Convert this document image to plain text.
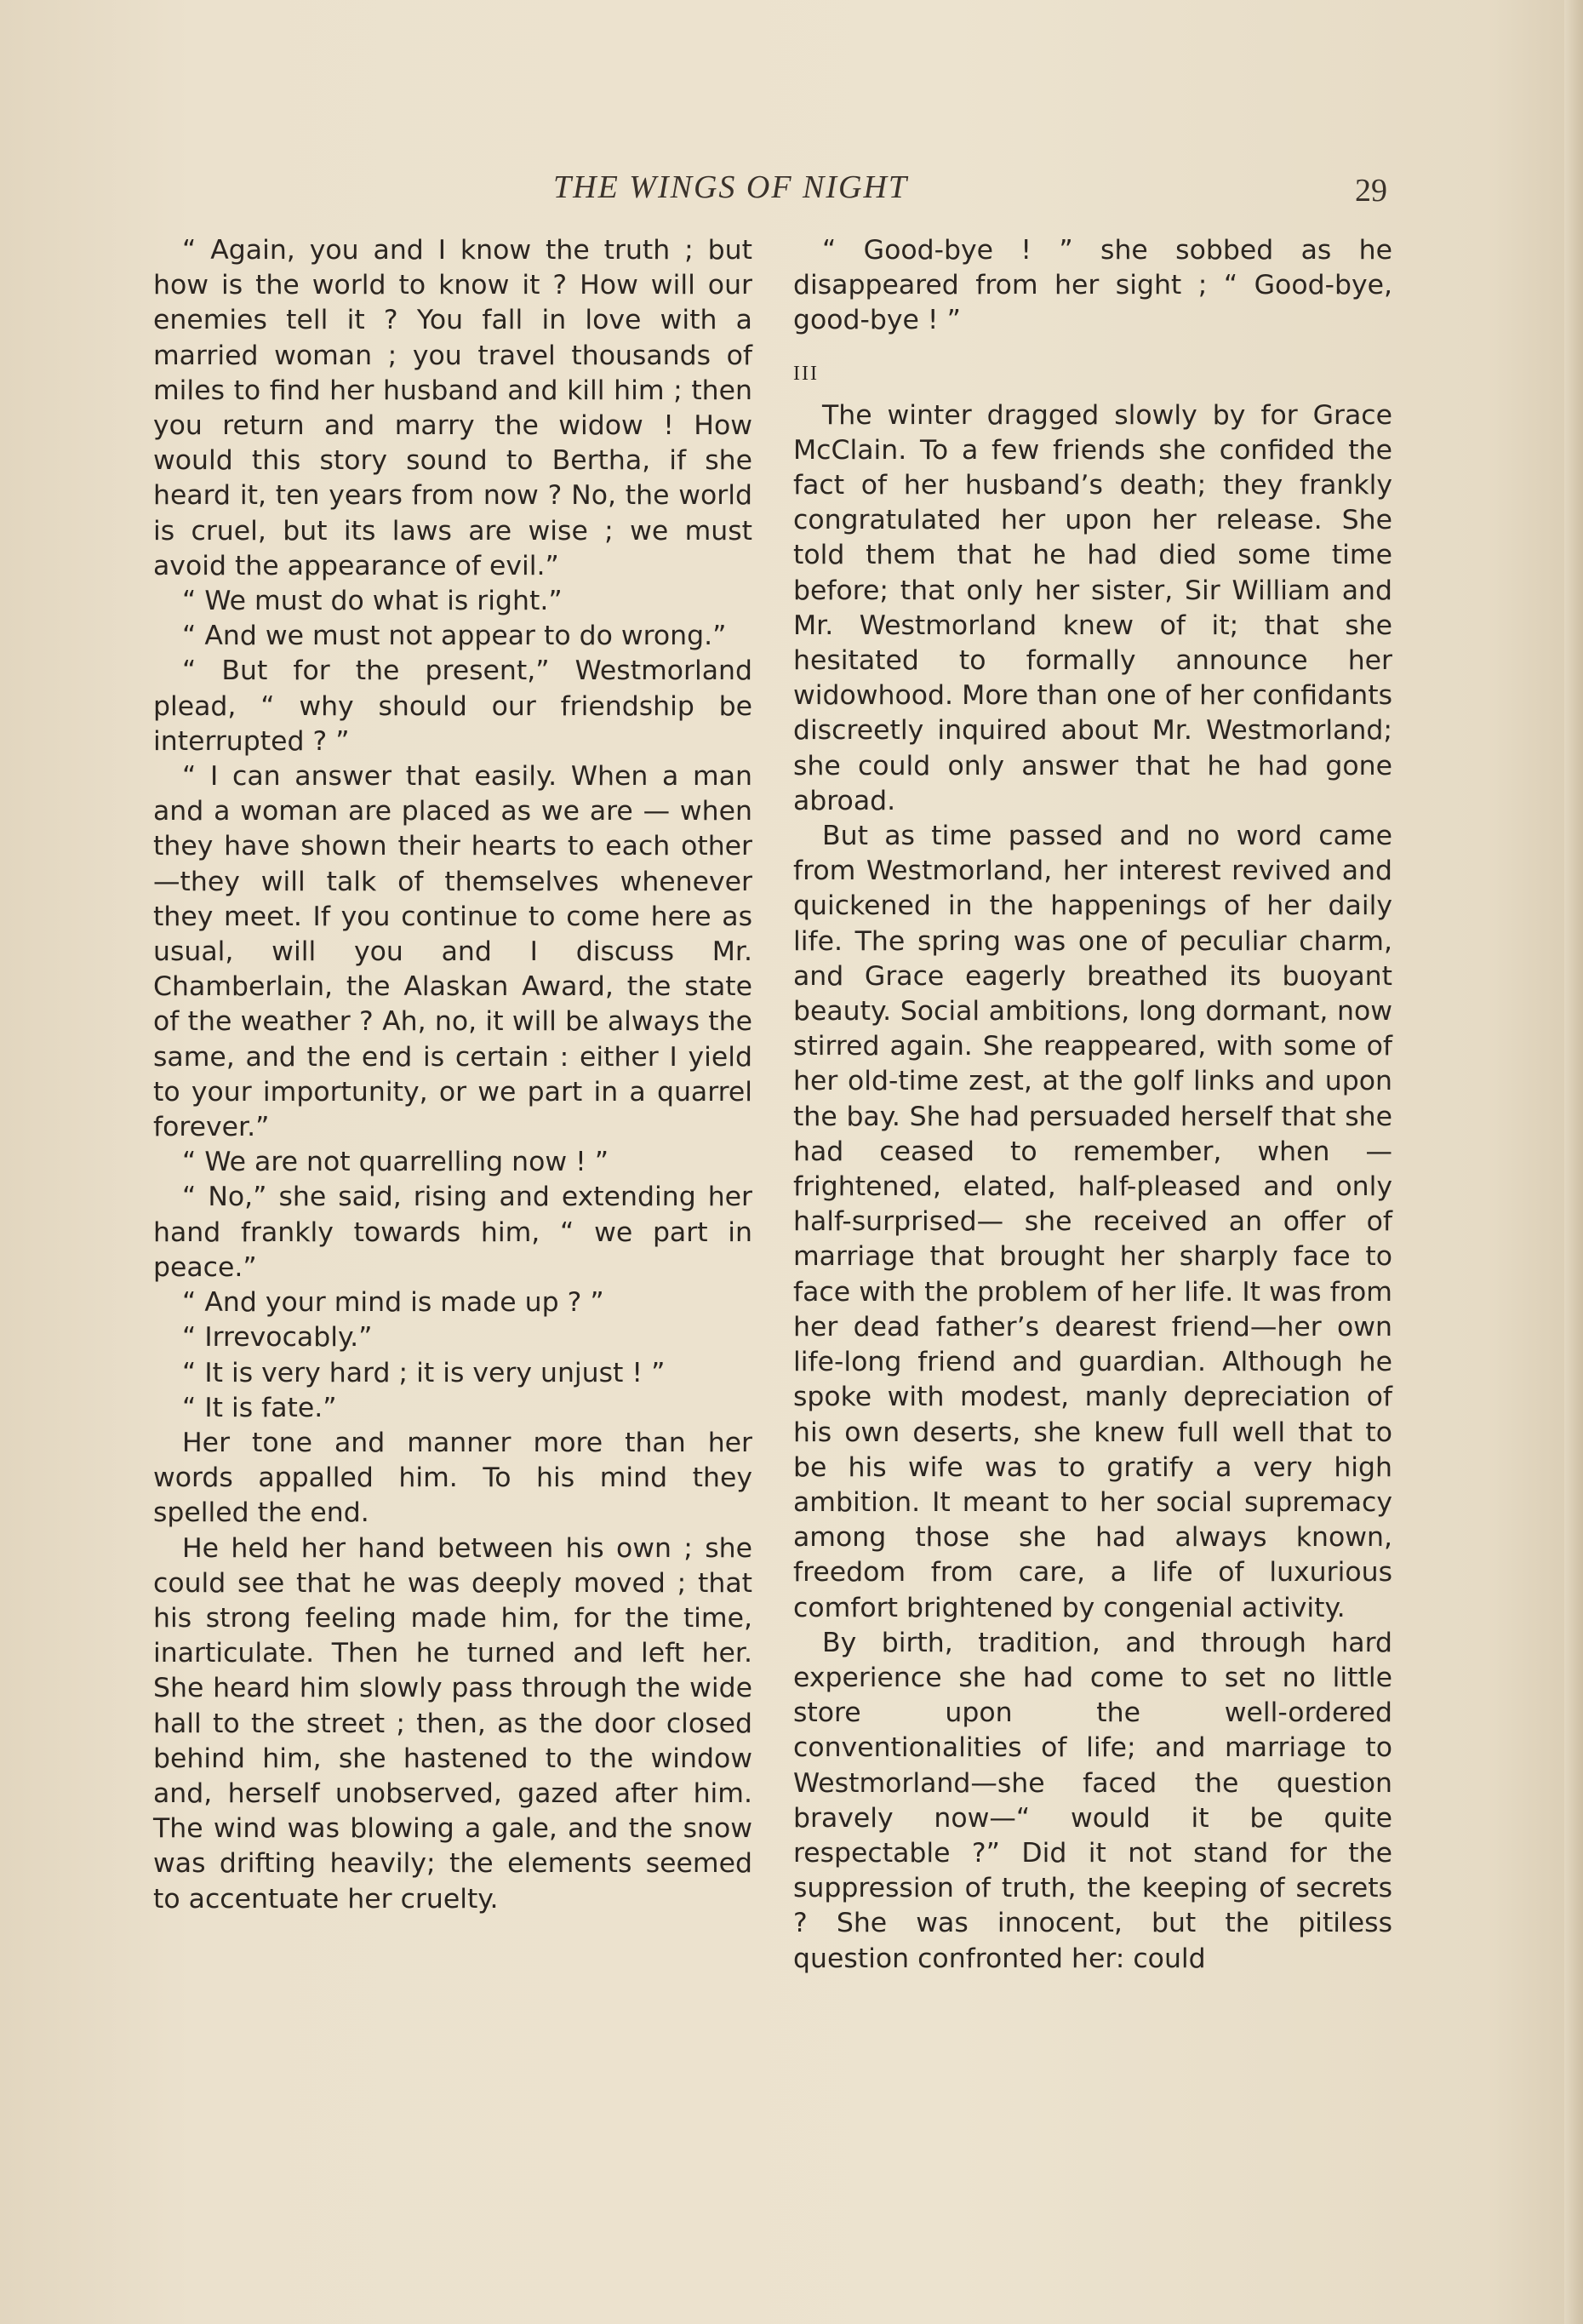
THE WINGS OF NIGHT	29

“ Again, you and I know the truth ; but how is the world to know it ? How will our enemies tell it ? You fall in love with a married woman ; you travel thousands of miles to find her husband and kill him ; then you return and marry the widow ! How would this story sound to Bertha, if she heard it, ten years from now ? No, the world is cruel, but its laws are wise ; we must avoid the appearance of evil.”

“ We must do what is right.”

“ And we must not appear to do wrong.”

“ But for the present,” Westmorland plead, “ why should our friendship be interrupted ? ”

“ I can answer that easily. When a man and a woman are placed as we are — when they have shown their hearts to each other—they will talk of themselves whenever they meet. If you continue to come here as usual, will you and I discuss Mr. Chamberlain, the Alaskan Award, the state of the weather ? Ah, no, it will be always the same, and the end is certain : either I yield to your importunity, or we part in a quarrel forever.”

“ We are not quarrelling now ! ”

“ No,” she said, rising and extending her hand frankly towards him, “ we part in peace.”

“ And your mind is made up ? ”

“ Irrevocably.”

“ It is very hard ; it is very unjust ! ”

“ It is fate.”

Her tone and manner more than her words appalled him. To his mind they spelled the end.

He held her hand between his own ; she could see that he was deeply moved ; that his strong feeling made him, for the time, inarticulate. Then he turned and left her. She heard him slowly pass through the wide hall to the street ; then, as the door closed behind him, she hastened to the window and, herself unobserved, gazed after him. The wind was blowing a gale, and the snow was drifting heavily; the elements seemed to accentuate her cruelty.

“ Good-bye ! ” she sobbed as he disappeared from her sight ; “ Good-bye, good-bye ! ”

III

The winter dragged slowly by for Grace McClain. To a few friends she confided the fact of her husband’s death; they frankly congratulated her upon her release. She told them that he had died some time before; that only her sister, Sir William and Mr. Westmorland knew of it; that she hesitated to formally announce her widowhood. More than one of her confidants discreetly inquired about Mr. Westmorland; she could only answer that he had gone abroad.

But as time passed and no word came from Westmorland, her interest revived and quickened in the happenings of her daily life. The spring was one of peculiar charm, and Grace eagerly breathed its buoyant beauty. Social ambitions, long dormant, now stirred again. She reappeared, with some of her old-time zest, at the golf links and upon the bay. She had persuaded herself that she had ceased to remember, when — frightened, elated, half-pleased and only half-surprised— she received an offer of marriage that brought her sharply face to face with the problem of her life. It was from her dead father’s dearest friend—her own life-long friend and guardian. Although he spoke with modest, manly depreciation of his own deserts, she knew full well that to be his wife was to gratify a very high ambition. It meant to her social supremacy among those she had always known, freedom from care, a life of luxurious comfort brightened by congenial activity.

By birth, tradition, and through hard experience she had come to set no little store upon the well-ordered conventionalities of life; and marriage to Westmorland—she faced the question bravely now—“ would it be quite respectable ?” Did it not stand for the suppression of truth, the keeping of secrets ? She was innocent, but the pitiless question confronted her: could
